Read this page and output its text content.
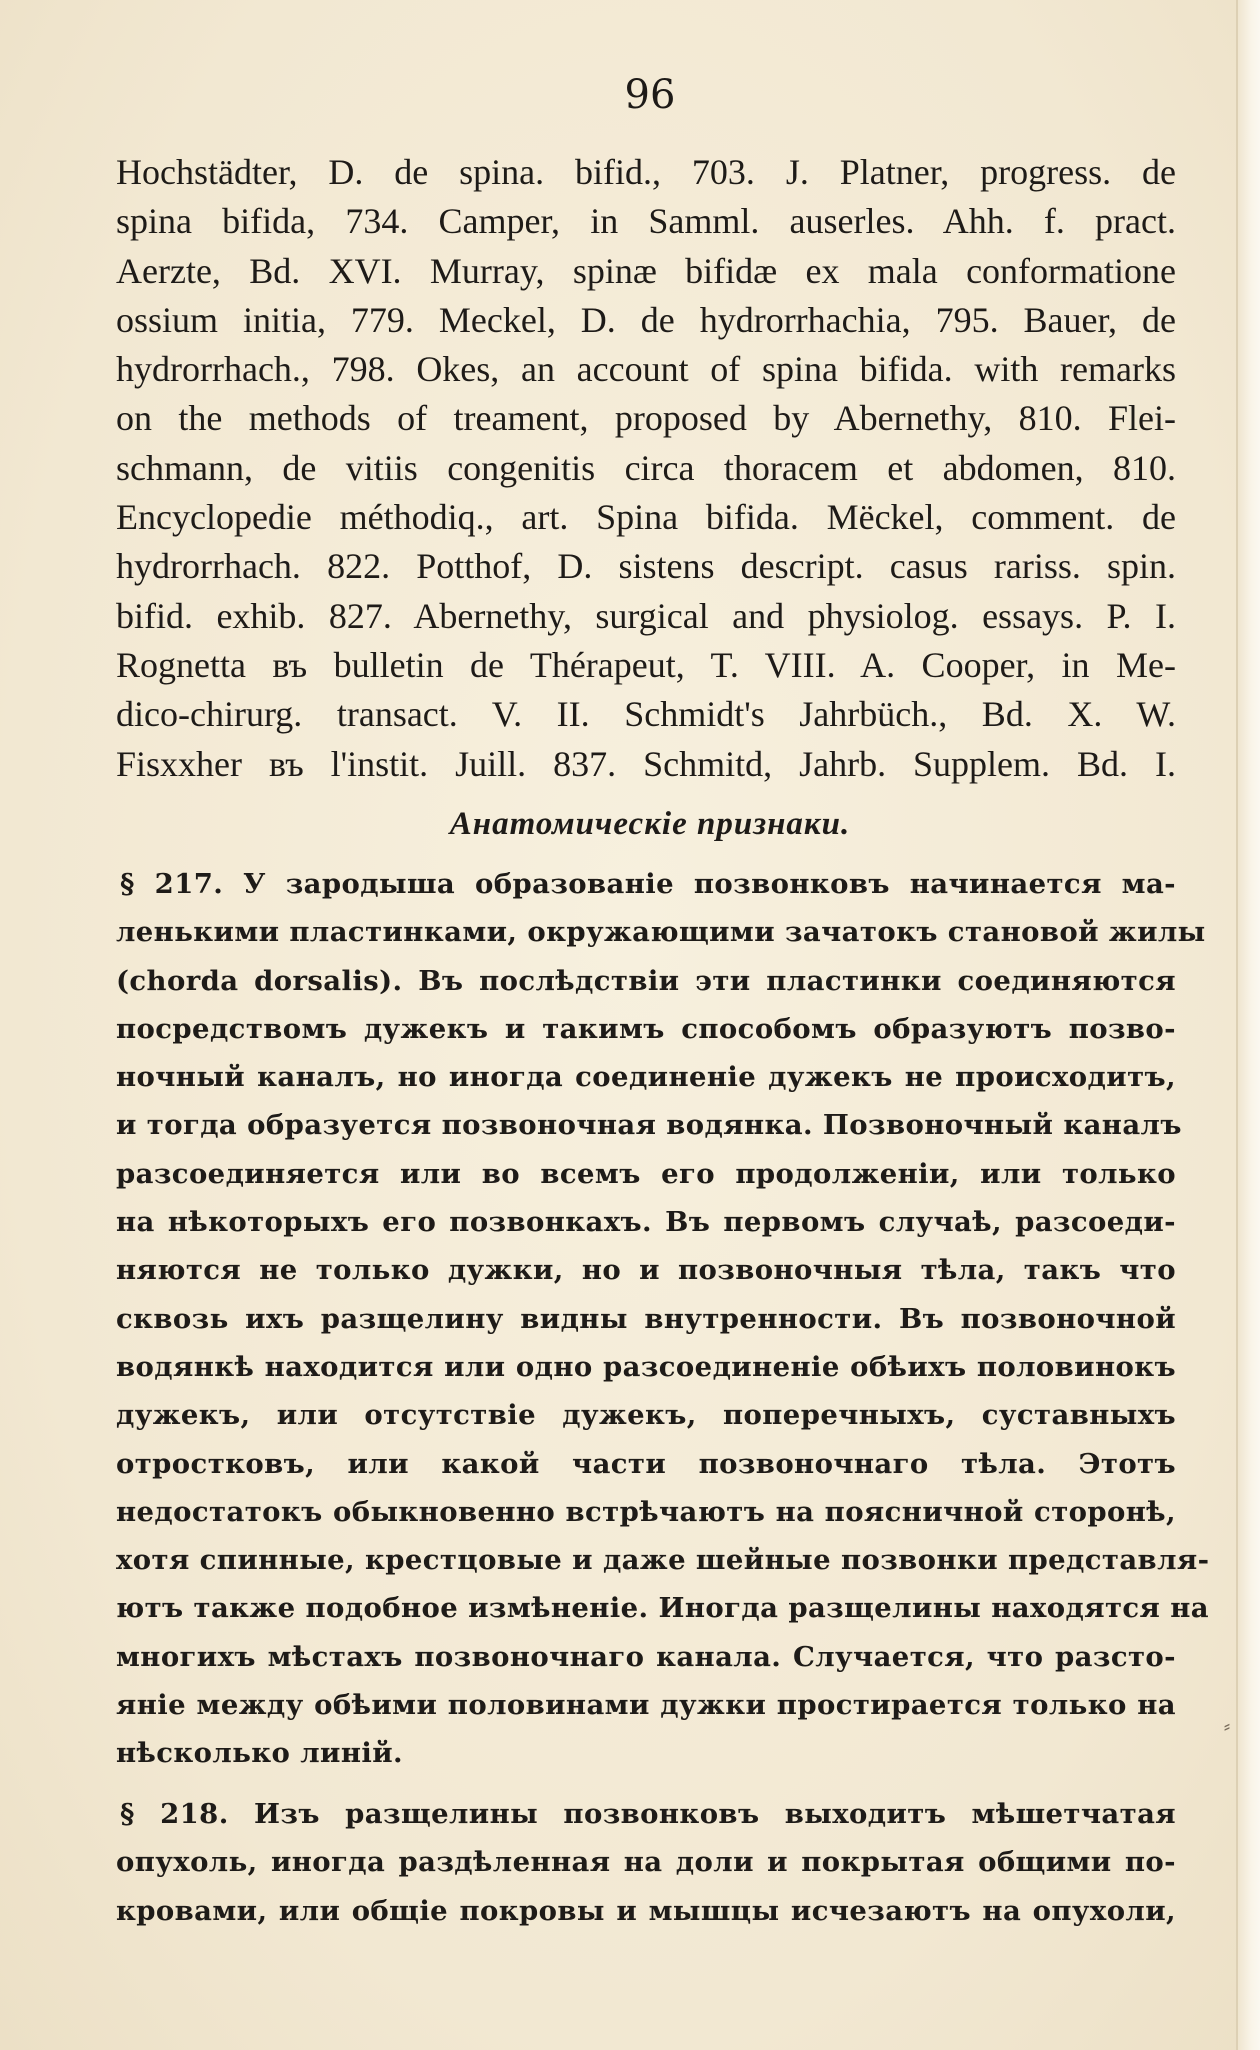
96
Hochstädter, D. de spina. bifid., 703. J. Platner, progress. de
spina bifida, 734. Camper, in Samml. auserles. Ahh. f. pract.
Aerzte, Bd. XVI. Murray, spinæ bifidæ ex mala conformatione
ossium initia, 779. Meckel, D. de hydrorrhachia, 795. Bauer, de
hydrorrhach., 798. Okes, an account of spina bifida. with remarks
on the methods of treament, proposed by Abernethy, 810. Flei-
schmann, de vitiis congenitis circa thoracem et abdomen, 810.
Encyclopedie méthodiq., art. Spina bifida. Mëckel, comment. de
hydrorrhach. 822. Potthof, D. sistens descript. casus rariss. spin.
bifid. exhib. 827. Abernethy, surgical and physiolog. essays. P. I.
Rognetta въ bulletin de Thérapeut, T. VIII. A. Cooper, in Me-
dico-chirurg. transact. V. II. Schmidt's Jahrbüch., Bd. X. W.
Fisxxher въ l'instit. Juill. 837. Schmitd, Jahrb. Supplem. Bd. I.
Анатомическіе признаки.
§ 217. У зародыша образованіе позвонковъ начинается ма-
ленькими пластинками, окружающими зачатокъ становой жилы
(chorda dorsalis). Въ послѣдствіи эти пластинки соединяются
посредствомъ дужекъ и такимъ способомъ образуютъ позво-
ночный каналъ, но иногда соединеніе дужекъ не происходитъ,
и тогда образуется позвоночная водянка. Позвоночный каналъ
разсоединяется или во всемъ его продолженіи, или только
на нѣкоторыхъ его позвонкахъ. Въ первомъ случаѣ, разсоеди-
няются не только дужки, но и позвоночныя тѣла, такъ что
сквозь ихъ разщелину видны внутренности. Въ позвоночной
водянкѣ находится или одно разсоединеніе обѣихъ половинокъ
дужекъ, или отсутствіе дужекъ, поперечныхъ, суставныхъ
отростковъ, или какой части позвоночнаго тѣла. Этотъ
недостатокъ обыкновенно встрѣчаютъ на поясничной сторонѣ,
хотя спинные, крестцовые и даже шейные позвонки представля-
ютъ также подобное измѣненіе. Иногда разщелины находятся на
многихъ мѣстахъ позвоночнаго канала. Случается, что разсто-
яніе между обѣими половинами дужки простирается только на
нѣсколько линій.
⸗
§ 218. Изъ разщелины позвонковъ выходитъ мѣшетчатая
опухоль, иногда раздѣленная на доли и покрытая общими по-
кровами, или общіе покровы и мышцы исчезаютъ на опухоли,
